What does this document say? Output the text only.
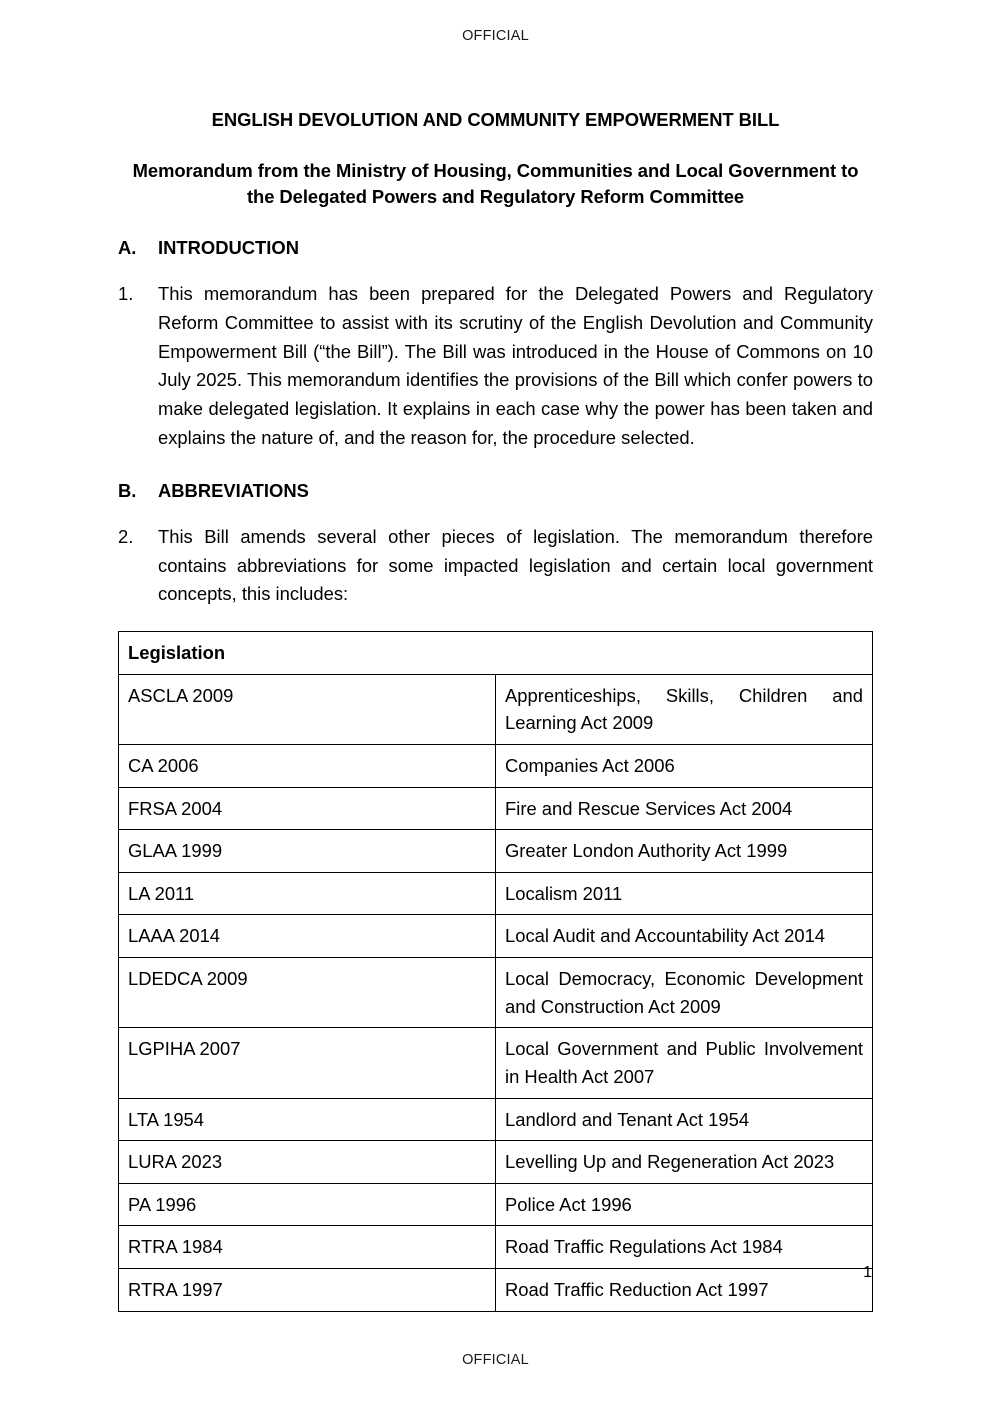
OFFICIAL
ENGLISH DEVOLUTION AND COMMUNITY EMPOWERMENT BILL
Memorandum from the Ministry of Housing, Communities and Local Government to the Delegated Powers and Regulatory Reform Committee
A.	INTRODUCTION
1.	This memorandum has been prepared for the Delegated Powers and Regulatory Reform Committee to assist with its scrutiny of the English Devolution and Community Empowerment Bill (“the Bill”). The Bill was introduced in the House of Commons on 10 July 2025. This memorandum identifies the provisions of the Bill which confer powers to make delegated legislation. It explains in each case why the power has been taken and explains the nature of, and the reason for, the procedure selected.
B.	ABBREVIATIONS
2.	This Bill amends several other pieces of legislation. The memorandum therefore contains abbreviations for some impacted legislation and certain local government concepts, this includes:
Legislation	
ASCLA 2009	Apprenticeships, Skills, Children and Learning Act 2009
CA 2006	Companies Act 2006
FRSA 2004	Fire and Rescue Services Act 2004
GLAA 1999	Greater London Authority Act 1999
LA 2011	Localism 2011
LAAA 2014	Local Audit and Accountability Act 2014
LDEDCA 2009	Local Democracy, Economic Development and Construction Act 2009
LGPIHA 2007	Local Government and Public Involvement in Health Act 2007
LTA 1954	Landlord and Tenant Act 1954
LURA 2023	Levelling Up and Regeneration Act 2023
PA 1996	Police Act 1996
RTRA 1984	Road Traffic Regulations Act 1984
RTRA 1997	Road Traffic Reduction Act 1997
1
OFFICIAL
